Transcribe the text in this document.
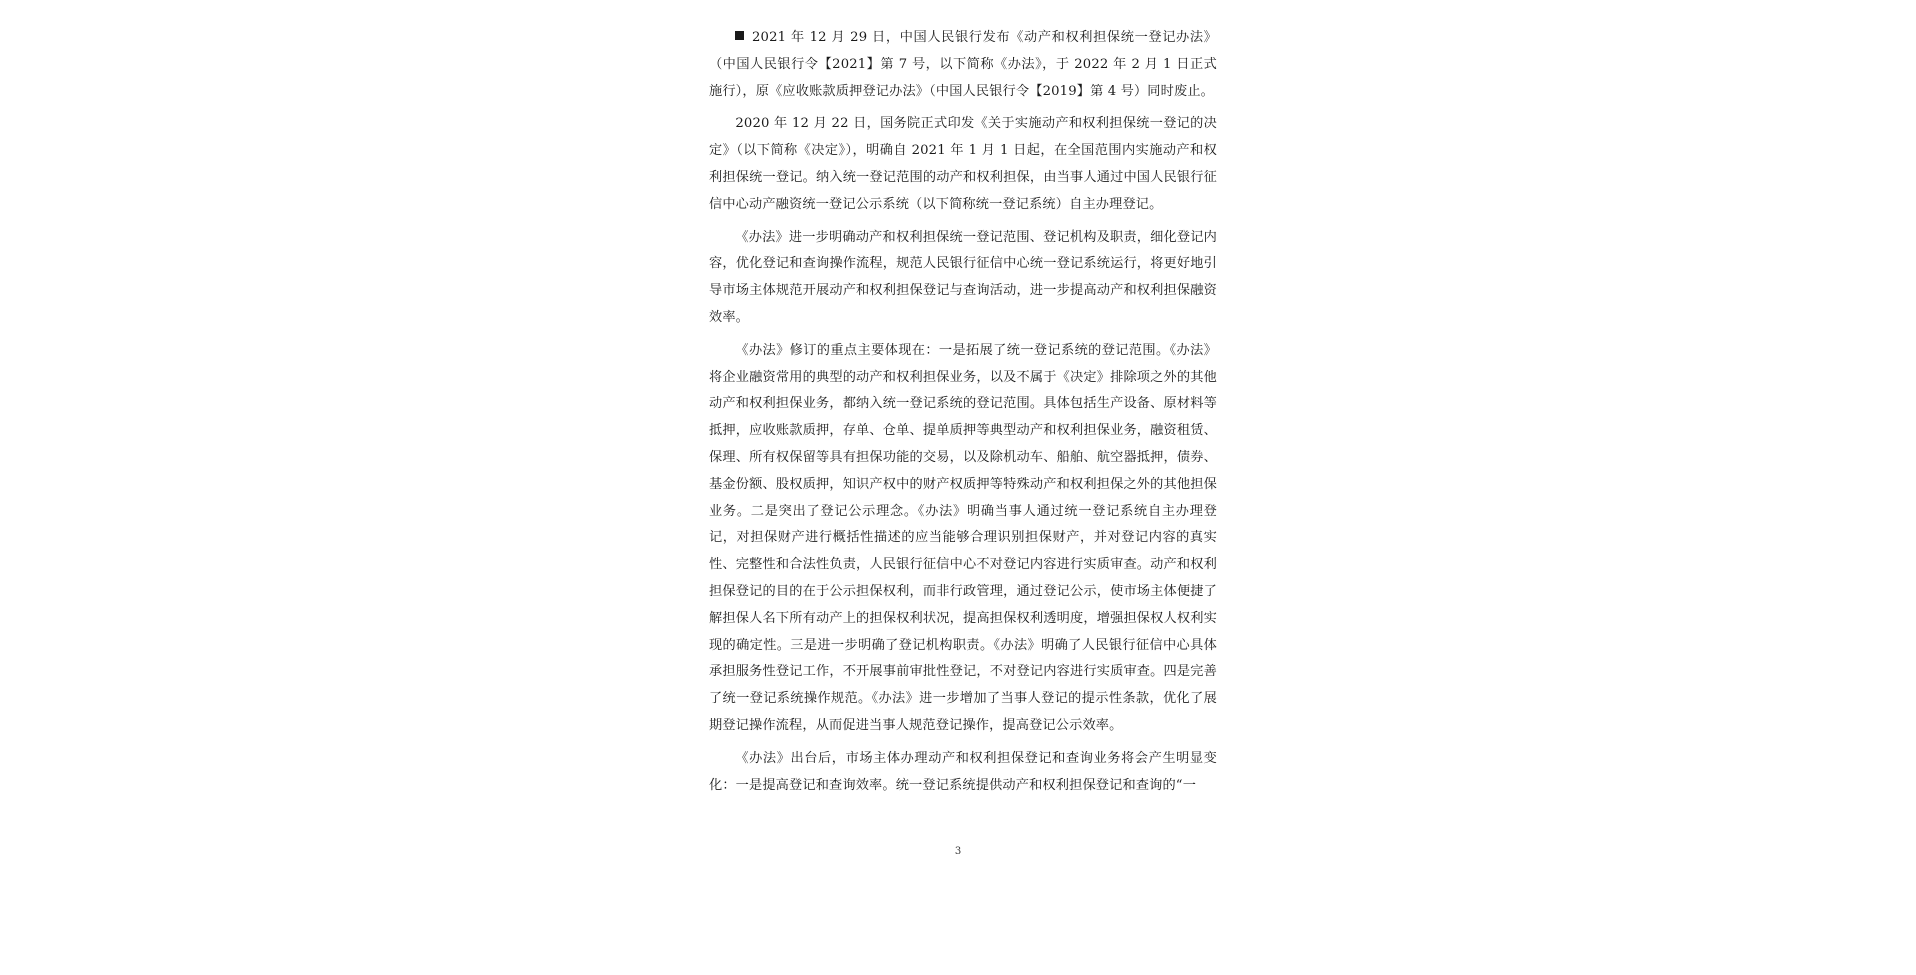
2021 年 12 月 29 日，中国人民银行发布《动产和权利担保统一登记办法》（中国人民银行令【2021】第 7 号，以下简称《办法》，于 2022 年 2 月 1 日正式施行），原《应收账款质押登记办法》（中国人民银行令【2019】第 4 号）同时废止。

2020 年 12 月 22 日，国务院正式印发《关于实施动产和权利担保统一登记的决定》（以下简称《决定》），明确自 2021 年 1 月 1 日起，在全国范围内实施动产和权利担保统一登记。纳入统一登记范围的动产和权利担保，由当事人通过中国人民银行征信中心动产融资统一登记公示系统（以下简称统一登记系统）自主办理登记。

《办法》进一步明确动产和权利担保统一登记范围、登记机构及职责，细化登记内容，优化登记和查询操作流程，规范人民银行征信中心统一登记系统运行，将更好地引导市场主体规范开展动产和权利担保登记与查询活动，进一步提高动产和权利担保融资效率。

《办法》修订的重点主要体现在：一是拓展了统一登记系统的登记范围。《办法》将企业融资常用的典型的动产和权利担保业务，以及不属于《决定》排除项之外的其他动产和权利担保业务，都纳入统一登记系统的登记范围。具体包括生产设备、原材料等抵押，应收账款质押，存单、仓单、提单质押等典型动产和权利担保业务，融资租赁、保理、所有权保留等具有担保功能的交易，以及除机动车、船舶、航空器抵押，债券、基金份额、股权质押，知识产权中的财产权质押等特殊动产和权利担保之外的其他担保业务。二是突出了登记公示理念。《办法》明确当事人通过统一登记系统自主办理登记，对担保财产进行概括性描述的应当能够合理识别担保财产，并对登记内容的真实性、完整性和合法性负责，人民银行征信中心不对登记内容进行实质审查。动产和权利担保登记的目的在于公示担保权利，而非行政管理，通过登记公示，使市场主体便捷了解担保人名下所有动产上的担保权利状况，提高担保权利透明度，增强担保权人权利实现的确定性。三是进一步明确了登记机构职责。《办法》明确了人民银行征信中心具体承担服务性登记工作，不开展事前审批性登记，不对登记内容进行实质审查。四是完善了统一登记系统操作规范。《办法》进一步增加了当事人登记的提示性条款，优化了展期登记操作流程，从而促进当事人规范登记操作，提高登记公示效率。

《办法》出台后，市场主体办理动产和权利担保登记和查询业务将会产生明显变化：一是提高登记和查询效率。统一登记系统提供动产和权利担保登记和查询的“一

3
